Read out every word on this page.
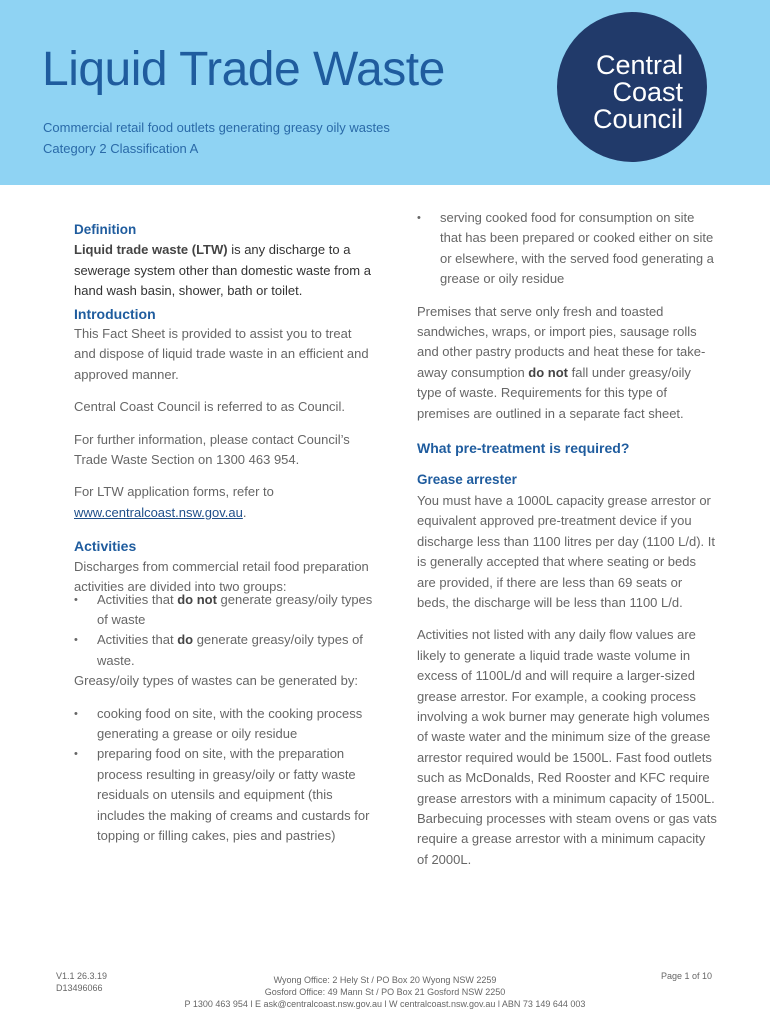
Liquid Trade Waste
Commercial retail food outlets generating greasy oily wastes
Category 2 Classification A
Central
Coast
Council
Definition

Liquid trade waste (LTW) is any discharge to a sewerage system other than domestic waste from a hand wash basin, shower, bath or toilet.

Introduction

This Fact Sheet is provided to assist you to treat and dispose of liquid trade waste in an efficient and approved manner.

Central Coast Council is referred to as Council.

For further information, please contact Council’s Trade Waste Section on 1300 463 954.

For LTW application forms, refer to
www.centralcoast.nsw.gov.au.

Activities

Discharges from commercial retail food preparation activities are divided into two groups:

• Activities that do not generate greasy/oily types of waste
• Activities that do generate greasy/oily types of waste.

Greasy/oily types of wastes can be generated by:

• cooking food on site, with the cooking process generating a grease or oily residue
• preparing food on site, with the preparation process resulting in greasy/oily or fatty waste residuals on utensils and equipment (this includes the making of creams and custards for topping or filling cakes, pies and pastries)
• serving cooked food for consumption on site that has been prepared or cooked either on site or elsewhere, with the served food generating a grease or oily residue

Premises that serve only fresh and toasted sandwiches, wraps, or import pies, sausage rolls and other pastry products and heat these for take-away consumption do not fall under greasy/oily type of waste. Requirements for this type of premises are outlined in a separate fact sheet.

What pre-treatment is required?
Grease arrester

You must have a 1000L capacity grease arrestor or equivalent approved pre-treatment device if you discharge less than 1100 litres per day (1100 L/d). It is generally accepted that where seating or beds are provided, if there are less than 69 seats or beds, the discharge will be less than 1100 L/d.

Activities not listed with any daily flow values are likely to generate a liquid trade waste volume in excess of 1100L/d and will require a larger-sized grease arrestor. For example, a cooking process involving a wok burner may generate high volumes of waste water and the minimum size of the grease arrestor required would be 1500L. Fast food outlets such as McDonalds, Red Rooster and KFC require grease arrestors with a minimum capacity of 1500L. Barbecuing processes with steam ovens or gas vats require a grease arrestor with a minimum capacity of 2000L.

V1.1 26.3.19
D13496066
Wyong Office: 2 Hely St / PO Box 20 Wyong NSW 2259
Gosford Office: 49 Mann St / PO Box 21 Gosford NSW 2250
P 1300 463 954 l E ask@centralcoast.nsw.gov.au l W centralcoast.nsw.gov.au l ABN 73 149 644 003
Page 1 of 10
